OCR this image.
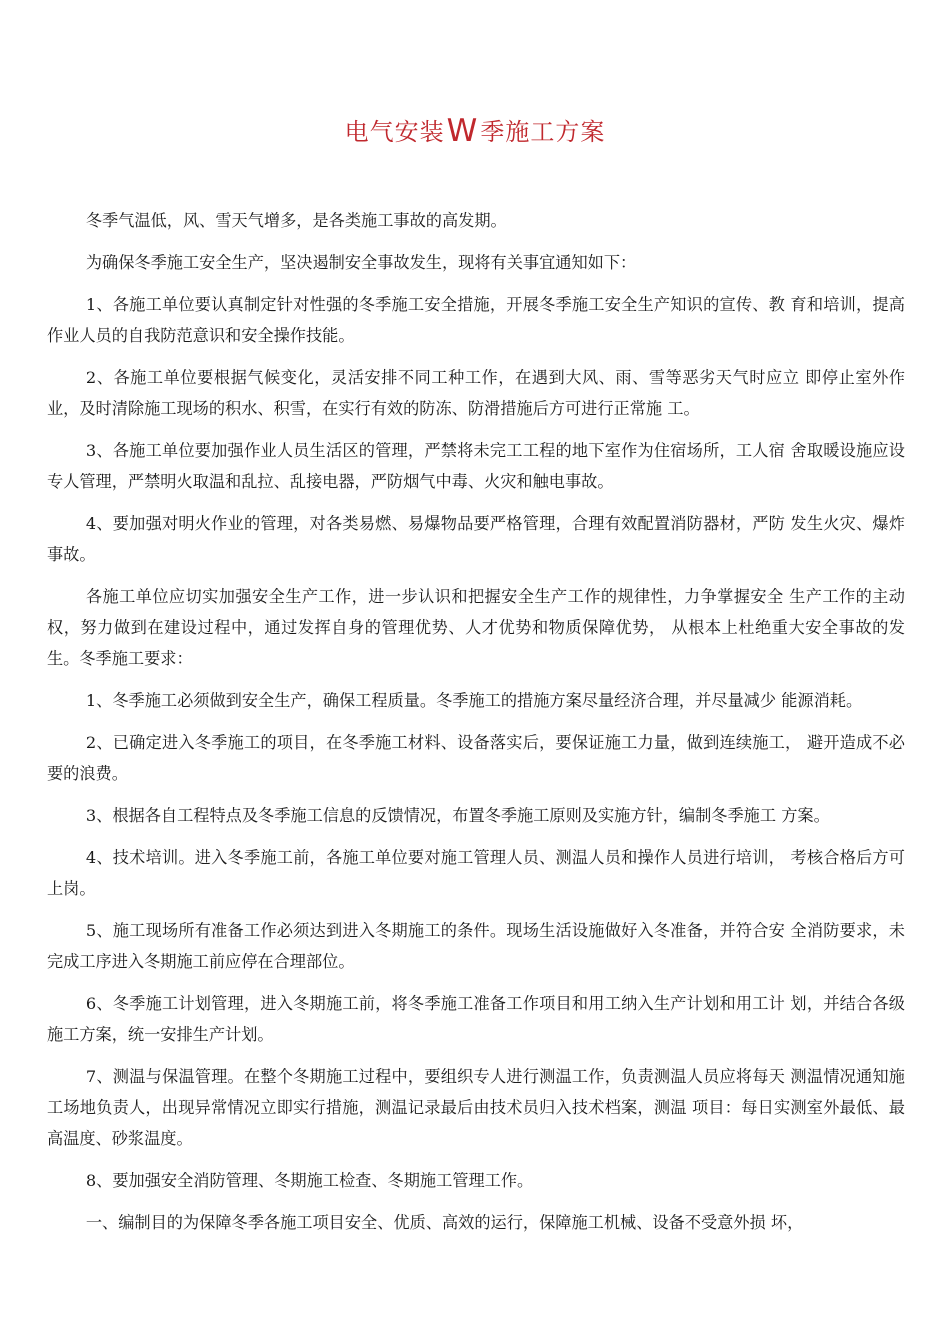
电气安装W季施工方案

冬季气温低，风、雪天气增多，是各类施工事故的高发期。

为确保冬季施工安全生产，坚决遏制安全事故发生，现将有关事宜通知如下：

1、各施工单位要认真制定针对性强的冬季施工安全措施，开展冬季施工安全生产知识的宣传、教 育和培训，提高作业人员的自我防范意识和安全操作技能。

2、各施工单位要根据气候变化，灵活安排不同工种工作，在遇到大风、雨、雪等恶劣天气时应立 即停止室外作业，及时清除施工现场的积水、积雪，在实行有效的防冻、防滑措施后方可进行正常施 工。

3、各施工单位要加强作业人员生活区的管理，严禁将未完工工程的地下室作为住宿场所，工人宿 舍取暖设施应设专人管理，严禁明火取温和乱拉、乱接电器，严防烟气中毒、火灾和触电事故。

4、要加强对明火作业的管理，对各类易燃、易爆物品要严格管理，合理有效配置消防器材，严防 发生火灾、爆炸事故。

各施工单位应切实加强安全生产工作，进一步认识和把握安全生产工作的规律性，力争掌握安全 生产工作的主动权，努力做到在建设过程中，通过发挥自身的管理优势、人才优势和物质保障优势， 从根本上杜绝重大安全事故的发生。冬季施工要求：

1、冬季施工必须做到安全生产，确保工程质量。冬季施工的措施方案尽量经济合理，并尽量减少 能源消耗。

2、已确定进入冬季施工的项目，在冬季施工材料、设备落实后，要保证施工力量，做到连续施工， 避开造成不必要的浪费。

3、根据各自工程特点及冬季施工信息的反馈情况，布置冬季施工原则及实施方针，编制冬季施工 方案。

4、技术培训。进入冬季施工前，各施工单位要对施工管理人员、测温人员和操作人员进行培训， 考核合格后方可上岗。

5、施工现场所有准备工作必须达到进入冬期施工的条件。现场生活设施做好入冬准备，并符合安 全消防要求，未完成工序进入冬期施工前应停在合理部位。

6、冬季施工计划管理，进入冬期施工前，将冬季施工准备工作项目和用工纳入生产计划和用工计 划，并结合各级施工方案，统一安排生产计划。

7、测温与保温管理。在整个冬期施工过程中，要组织专人进行测温工作，负责测温人员应将每天 测温情况通知施工场地负责人，出现异常情况立即实行措施，测温记录最后由技术员归入技术档案，测温 项目：每日实测室外最低、最高温度、砂浆温度。

8、要加强安全消防管理、冬期施工检查、冬期施工管理工作。

一、编制目的为保障冬季各施工项目安全、优质、高效的运行，保障施工机械、设备不受意外损 坏，
